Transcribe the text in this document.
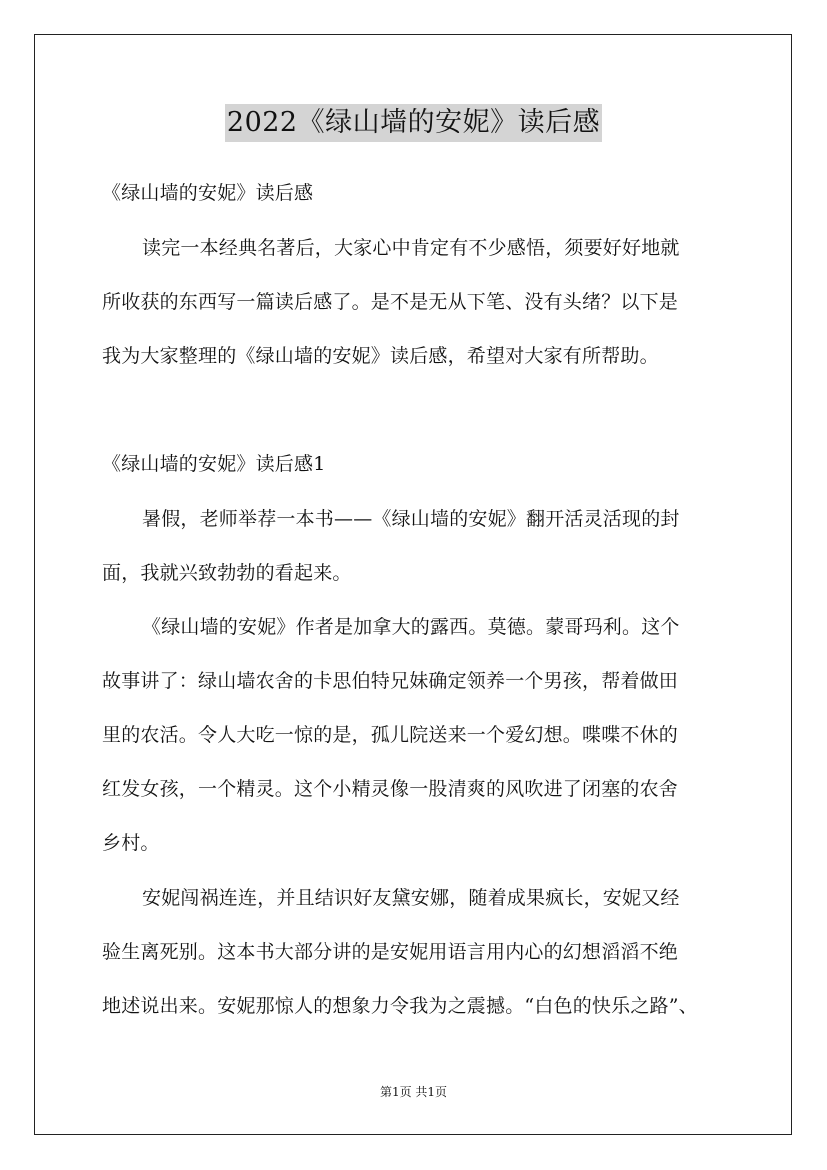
2022《绿山墙的安妮》读后感
《绿山墙的安妮》读后感
读完一本经典名著后，大家心中肯定有不少感悟，须要好好地就
所收获的东西写一篇读后感了。是不是无从下笔、没有头绪？以下是
我为大家整理的《绿山墙的安妮》读后感，希望对大家有所帮助。
《绿山墙的安妮》读后感1
暑假，老师举荐一本书——《绿山墙的安妮》翻开活灵活现的封
面，我就兴致勃勃的看起来。
《绿山墙的安妮》作者是加拿大的露西。莫德。蒙哥玛利。这个
故事讲了：绿山墙农舍的卡思伯特兄妹确定领养一个男孩，帮着做田
里的农活。令人大吃一惊的是，孤儿院送来一个爱幻想。喋喋不休的
红发女孩，一个精灵。这个小精灵像一股清爽的风吹进了闭塞的农舍
乡村。
安妮闯祸连连，并且结识好友黛安娜，随着成果疯长，安妮又经
验生离死别。这本书大部分讲的是安妮用语言用内心的幻想滔滔不绝
地述说出来。安妮那惊人的想象力令我为之震撼。“白色的快乐之路”、
第1页 共1页
